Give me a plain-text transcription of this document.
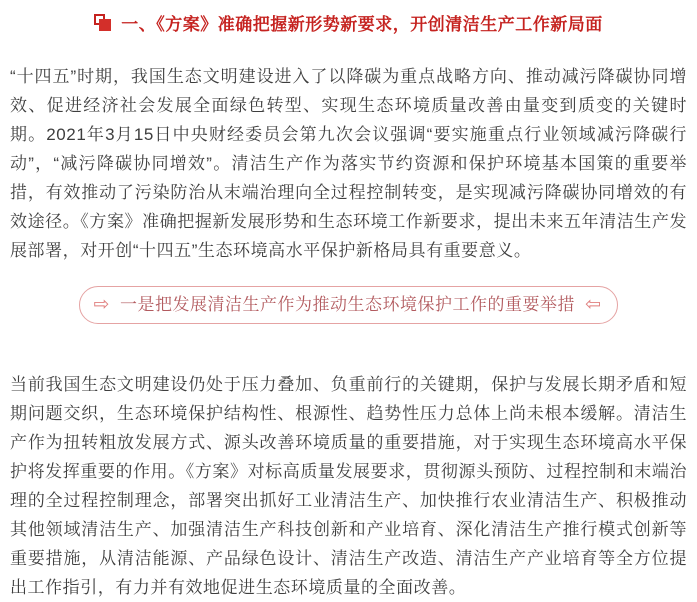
一、《方案》准确把握新形势新要求，开创清洁生产工作新局面

“十四五”时期，我国生态文明建设进入了以降碳为重点战略方向、推动减污降碳协同增效、促进经济社会发展全面绿色转型、实现生态环境质量改善由量变到质变的关键时期。2021年3月15日中央财经委员会第九次会议强调“要实施重点行业领域减污降碳行动”，“减污降碳协同增效”。清洁生产作为落实节约资源和保护环境基本国策的重要举措，有效推动了污染防治从末端治理向全过程控制转变，是实现减污降碳协同增效的有效途径。《方案》准确把握新发展形势和生态环境工作新要求，提出未来五年清洁生产发展部署，对开创“十四五”生态环境高水平保护新格局具有重要意义。

⇨ 一是把发展清洁生产作为推动生态环境保护工作的重要举措 ⇦

当前我国生态文明建设仍处于压力叠加、负重前行的关键期，保护与发展长期矛盾和短期问题交织，生态环境保护结构性、根源性、趋势性压力总体上尚未根本缓解。清洁生产作为扭转粗放发展方式、源头改善环境质量的重要措施，对于实现生态环境高水平保护将发挥重要的作用。《方案》对标高质量发展要求，贯彻源头预防、过程控制和末端治理的全过程控制理念，部署突出抓好工业清洁生产、加快推行农业清洁生产、积极推动其他领域清洁生产、加强清洁生产科技创新和产业培育、深化清洁生产推行模式创新等重要措施，从清洁能源、产品绿色设计、清洁生产改造、清洁生产产业培育等全方位提出工作指引，有力并有效地促进生态环境质量的全面改善。
